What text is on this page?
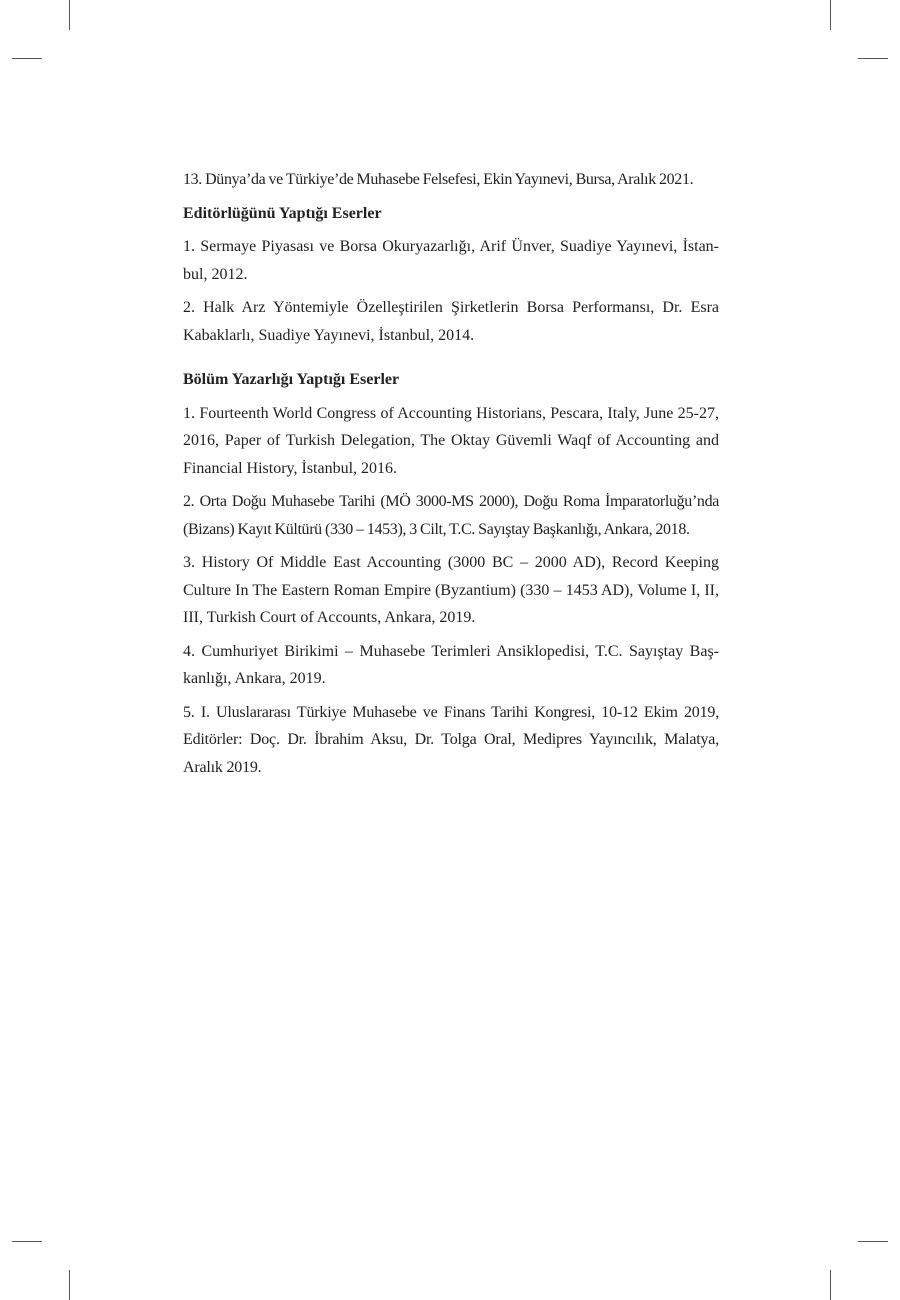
13. Dünya’da ve Türkiye’de Muhasebe Felsefesi, Ekin Yayınevi, Bursa, Aralık 2021.

Editörlüğünü Yaptığı Eserler

1. Sermaye Piyasası ve Borsa Okuryazarlığı, Arif Ünver, Suadiye Yayınevi, İstanbul, 2012.

2. Halk Arz Yöntemiyle Özelleştirilen Şirketlerin Borsa Performansı, Dr. Esra Kabaklarlı, Suadiye Yayınevi, İstanbul, 2014.

Bölüm Yazarlığı Yaptığı Eserler

1. Fourteenth World Congress of Accounting Historians, Pescara, Italy, June 25-27, 2016, Paper of Turkish Delegation, The Oktay Güvemli Waqf of Accounting and Financial History, İstanbul, 2016.

2. Orta Doğu Muhasebe Tarihi (MÖ 3000-MS 2000), Doğu Roma İmparatorluğu’nda (Bizans) Kayıt Kültürü (330 – 1453), 3 Cilt, T.C. Sayıştay Başkanlığı, Ankara, 2018.

3. History Of Middle East Accounting (3000 BC – 2000 AD), Record Keeping Culture In The Eastern Roman Empire (Byzantium) (330 – 1453 AD), Volume I, II, III, Turkish Court of Accounts, Ankara, 2019.

4. Cumhuriyet Birikimi – Muhasebe Terimleri Ansiklopedisi, T.C. Sayıştay Başkanlığı, Ankara, 2019.

5. I. Uluslararası Türkiye Muhasebe ve Finans Tarihi Kongresi, 10-12 Ekim 2019, Editörler: Doç. Dr. İbrahim Aksu, Dr. Tolga Oral, Medipres Yayıncılık, Malatya, Aralık 2019.
